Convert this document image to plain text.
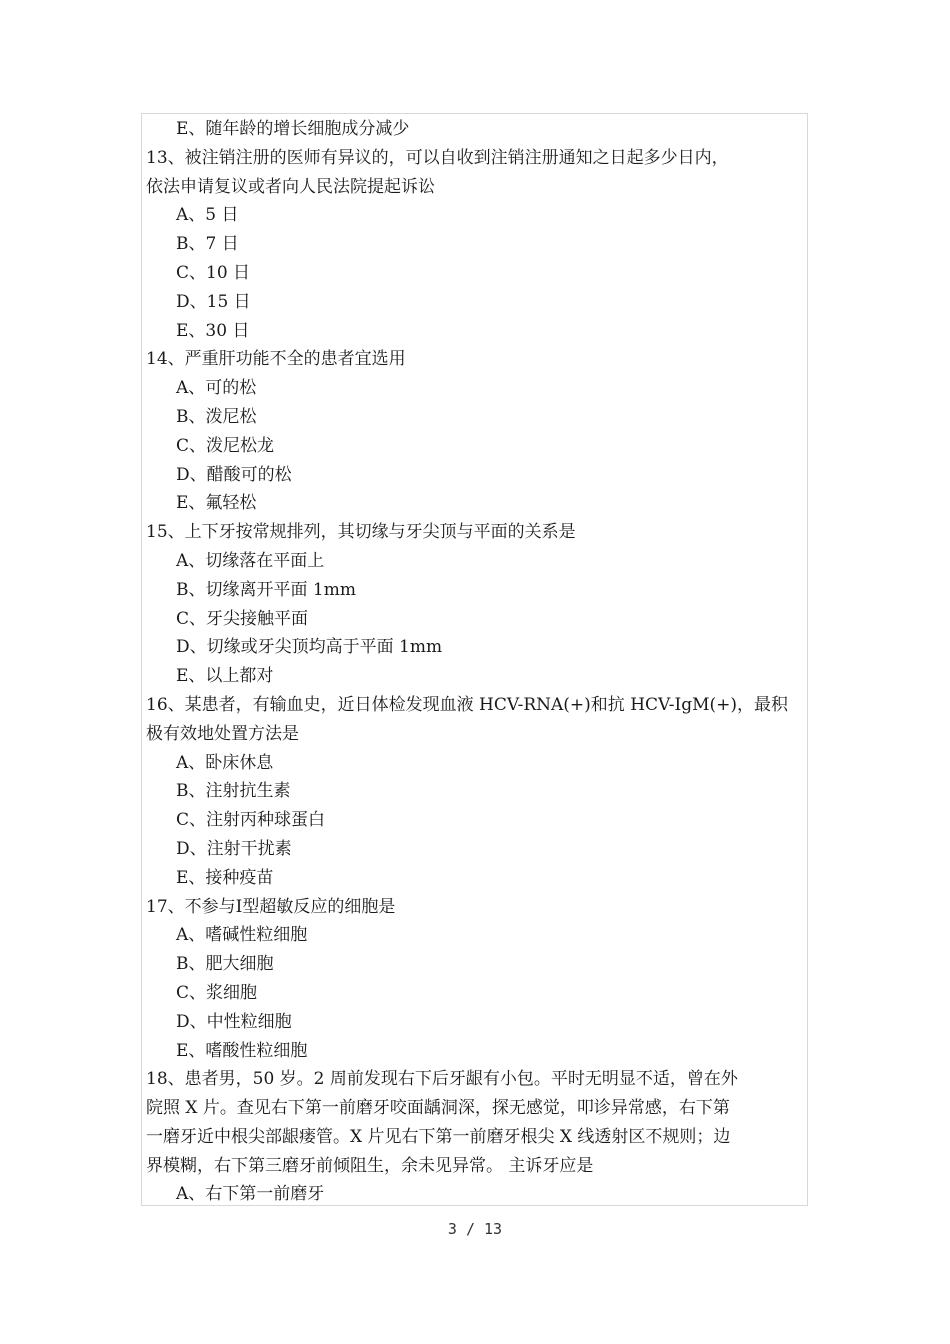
E、随年龄的增长细胞成分减少
13、被注销注册的医师有异议的，可以自收到注销注册通知之日起多少日内，
依法申请复议或者向人民法院提起诉讼
A、5 日
B、7 日
C、10 日
D、15 日
E、30 日
14、严重肝功能不全的患者宜选用
A、可的松
B、泼尼松
C、泼尼松龙
D、醋酸可的松
E、氟轻松
15、上下牙按常规排列，其切缘与牙尖顶与平面的关系是
A、切缘落在平面上
B、切缘离开平面 1mm
C、牙尖接触平面
D、切缘或牙尖顶均高于平面 1mm
E、以上都对
16、某患者，有输血史，近日体检发现血液 HCV-RNA(+)和抗 HCV-IgM(+)，最积
极有效地处置方法是
A、卧床休息
B、注射抗生素
C、注射丙种球蛋白
D、注射干扰素
E、接种疫苗
17、不参与Ⅰ型超敏反应的细胞是
A、嗜碱性粒细胞
B、肥大细胞
C、浆细胞
D、中性粒细胞
E、嗜酸性粒细胞
18、患者男，50 岁。2 周前发现右下后牙龈有小包。平时无明显不适，曾在外
院照 X 片。查见右下第一前磨牙咬面龋洞深，探无感觉，叩诊异常感，右下第
一磨牙近中根尖部龈瘘管。X 片见右下第一前磨牙根尖 X 线透射区不规则；边
界模糊，右下第三磨牙前倾阻生，余未见异常。 主诉牙应是
A、右下第一前磨牙
3 / 13
